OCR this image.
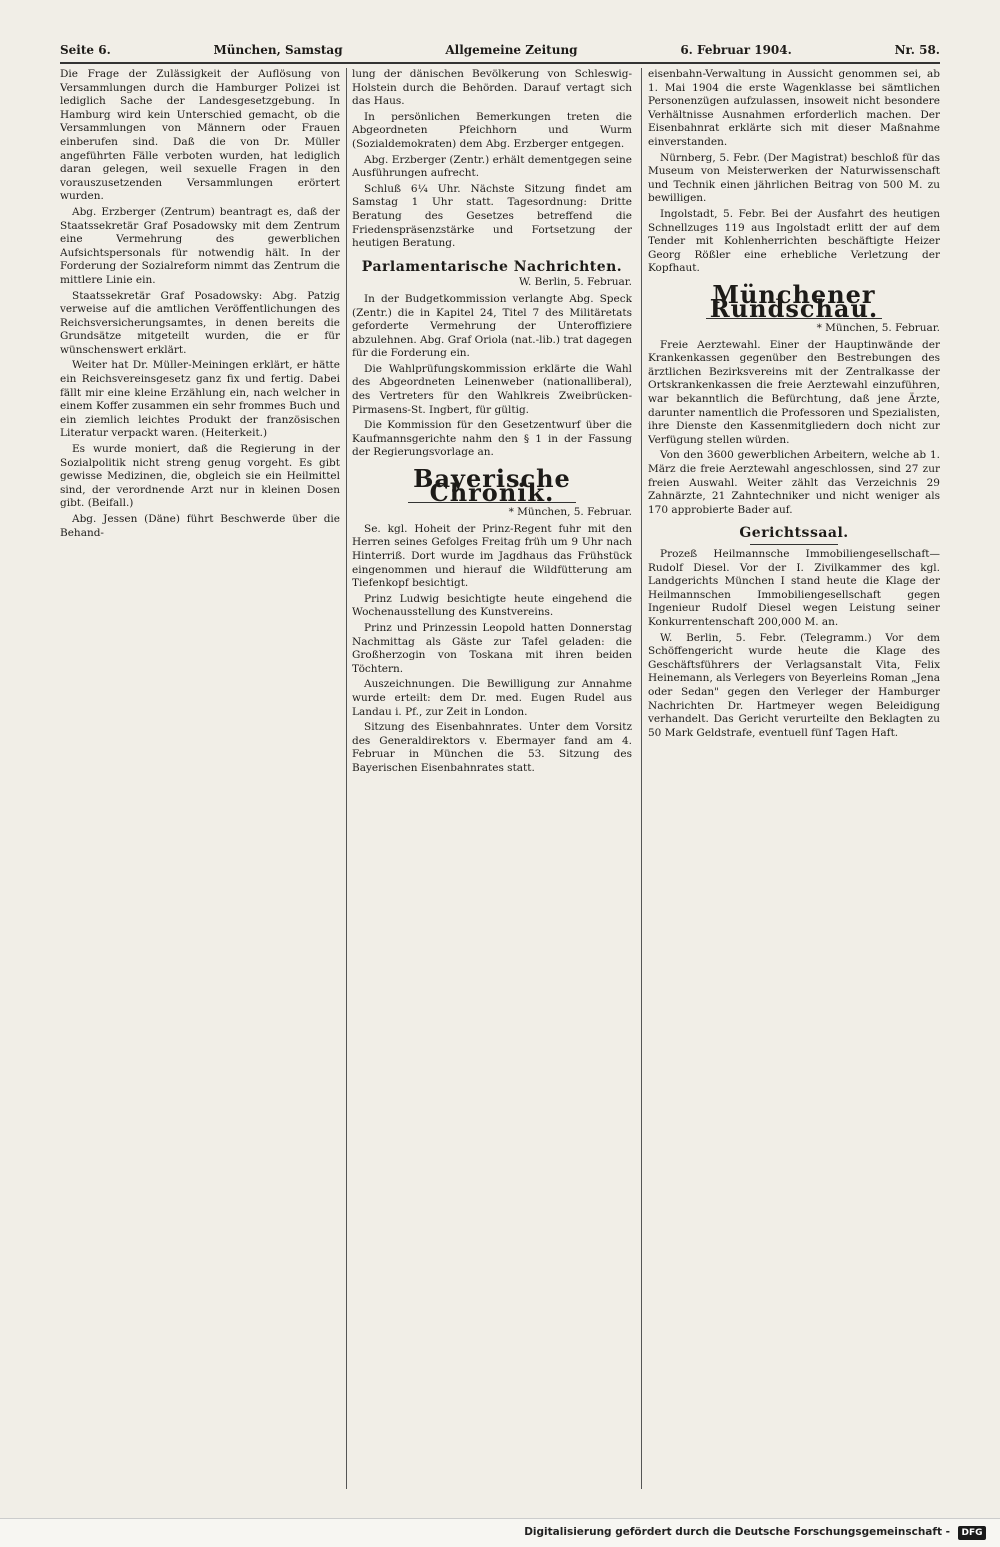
Seite 6.	München, Samstag	Allgemeine Zeitung	6. Februar 1904.	Nr. 58.

Die Frage der Zulässigkeit der Auflösung von Versammlungen durch die Hamburger Polizei ist lediglich Sache der Landesgesetzgebung. In Hamburg wird kein Unterschied gemacht, ob die Versammlungen von Männern oder Frauen einberufen sind. Daß die von Dr. Müller angeführten Fälle verboten wurden, hat lediglich daran gelegen, weil sexuelle Fragen in den vorauszusetzenden Versammlungen erörtert wurden.

Abg. Erzberger (Zentrum) beantragt es, daß der Staatssekretär Graf Posadowsky mit dem Zentrum eine Vermehrung des gewerblichen Aufsichtspersonals für notwendig hält. In der Forderung der Sozialreform nimmt das Zentrum die mittlere Linie ein.

Staatssekretär Graf Posadowsky: Abg. Patzig verweise auf die amtlichen Veröffentlichungen des Reichsversicherungsamtes, in denen bereits die Grundsätze mitgeteilt wurden, die er für wünschenswert erklärt.

Weiter hat Dr. Müller-Meiningen erklärt, er hätte ein Reichsvereinsgesetz ganz fix und fertig. Dabei fällt mir eine kleine Erzählung ein, nach welcher in einem Koffer zusammen ein sehr frommes Buch und ein ziemlich leichtes Produkt der französischen Literatur verpackt waren. (Heiterkeit.)

Es wurde moniert, daß die Regierung in der Sozialpolitik nicht streng genug vorgeht. Es gibt gewisse Medizinen, die, obgleich sie ein Heilmittel sind, der verordnende Arzt nur in kleinen Dosen gibt. (Beifall.)

Abg. Jessen (Däne) führt Beschwerde über die Behand-

lung der dänischen Bevölkerung von Schleswig-Holstein durch die Behörden. Darauf vertagt sich das Haus.

In persönlichen Bemerkungen treten die Abgeordneten Pfeichhorn und Wurm (Sozialdemokraten) dem Abg. Erzberger entgegen.

Abg. Erzberger (Zentr.) erhält dementgegen seine Ausführungen aufrecht.

Schluß 6¼ Uhr. Nächste Sitzung findet am Samstag 1 Uhr statt. Tagesordnung: Dritte Beratung des Gesetzes betreffend die Friedenspräsenzstärke und Fortsetzung der heutigen Beratung.

Parlamentarische Nachrichten.
W. Berlin, 5. Februar.

In der Budgetkommission verlangte Abg. Speck (Zentr.) die in Kapitel 24, Titel 7 des Militäretats geforderte Vermehrung der Unteroffiziere abzulehnen. Abg. Graf Oriola (nat.-lib.) trat dagegen für die Forderung ein.

Die Wahlprüfungskommission erklärte die Wahl des Abgeordneten Leinenweber (nationalliberal), des Vertreters für den Wahlkreis Zweibrücken-Pirmasens-St. Ingbert, für gültig.

Die Kommission für den Gesetzentwurf über die Kaufmannsgerichte nahm den § 1 in der Fassung der Regierungsvorlage an.

Bayerische Chronik.
* München, 5. Februar.

Se. kgl. Hoheit der Prinz-Regent fuhr mit den Herren seines Gefolges Freitag früh um 9 Uhr nach Hinterriß. Dort wurde im Jagdhaus das Frühstück eingenommen und hierauf die Wildfütterung am Tiefenkopf besichtigt.

Prinz Ludwig besichtigte heute eingehend die Wochenausstellung des Kunstvereins.

Prinz und Prinzessin Leopold hatten Donnerstag Nachmittag als Gäste zur Tafel geladen: die Großherzogin von Toskana mit ihren beiden Töchtern.

Auszeichnungen. Die Bewilligung zur Annahme wurde erteilt: dem Dr. med. Eugen Rudel aus Landau i. Pf., zur Zeit in London.

Sitzung des Eisenbahnrates. Unter dem Vorsitz des Generaldirektors v. Ebermayer fand am 4. Februar in München die 53. Sitzung des Bayerischen Eisenbahnrates statt.

eisenbahn-Verwaltung in Aussicht genommen sei, ab 1. Mai 1904 die erste Wagenklasse bei sämtlichen Personenzügen aufzulassen, insoweit nicht besondere Verhältnisse Ausnahmen erforderlich machen. Der Eisenbahnrat erklärte sich mit dieser Maßnahme einverstanden.

Nürnberg, 5. Febr. (Der Magistrat) beschloß für das Museum von Meisterwerken der Naturwissenschaft und Technik einen jährlichen Beitrag von 500 M. zu bewilligen.

Ingolstadt, 5. Febr. Bei der Ausfahrt des heutigen Schnellzuges 119 aus Ingolstadt erlitt der auf dem Tender mit Kohlenherrichten beschäftigte Heizer Georg Rößler eine erhebliche Verletzung der Kopfhaut.

Münchener Rundschau.
* München, 5. Februar.

Freie Aerztewahl. Einer der Hauptinwände der Krankenkassen gegenüber den Bestrebungen des ärztlichen Bezirksvereins mit der Zentralkasse der Ortskrankenkassen die freie Aerztewahl einzuführen, war bekanntlich die Befürchtung, daß jene Ärzte, darunter namentlich die Professoren und Spezialisten, ihre Dienste den Kassenmitgliedern doch nicht zur Verfügung stellen würden.

Von den 3600 gewerblichen Arbeitern, welche ab 1. März die freie Aerztewahl angeschlossen, sind 27 zur freien Auswahl. Weiter zählt das Verzeichnis 29 Zahnärzte, 21 Zahntechniker und nicht weniger als 170 approbierte Bader auf.

Gerichtssaal.

Prozeß Heilmannsche Immobiliengesellschaft—Rudolf Diesel. Vor der I. Zivilkammer des kgl. Landgerichts München I stand heute die Klage der Heilmannschen Immobiliengesellschaft gegen Ingenieur Rudolf Diesel wegen Leistung seiner Konkurrentenschaft 200,000 M. an.

W. Berlin, 5. Febr. (Telegramm.) Vor dem Schöffengericht wurde heute die Klage des Geschäftsführers der Verlagsanstalt Vita, Felix Heinemann, als Verlegers von Beyerleins Roman „Jena oder Sedan" gegen den Verleger der Hamburger Nachrichten Dr. Hartmeyer wegen Beleidigung verhandelt. Das Gericht verurteilte den Beklagten zu 50 Mark Geldstrafe, eventuell fünf Tagen Haft.

Digitalisierung gefördert durch die Deutsche Forschungsgemeinschaft -	DFG
